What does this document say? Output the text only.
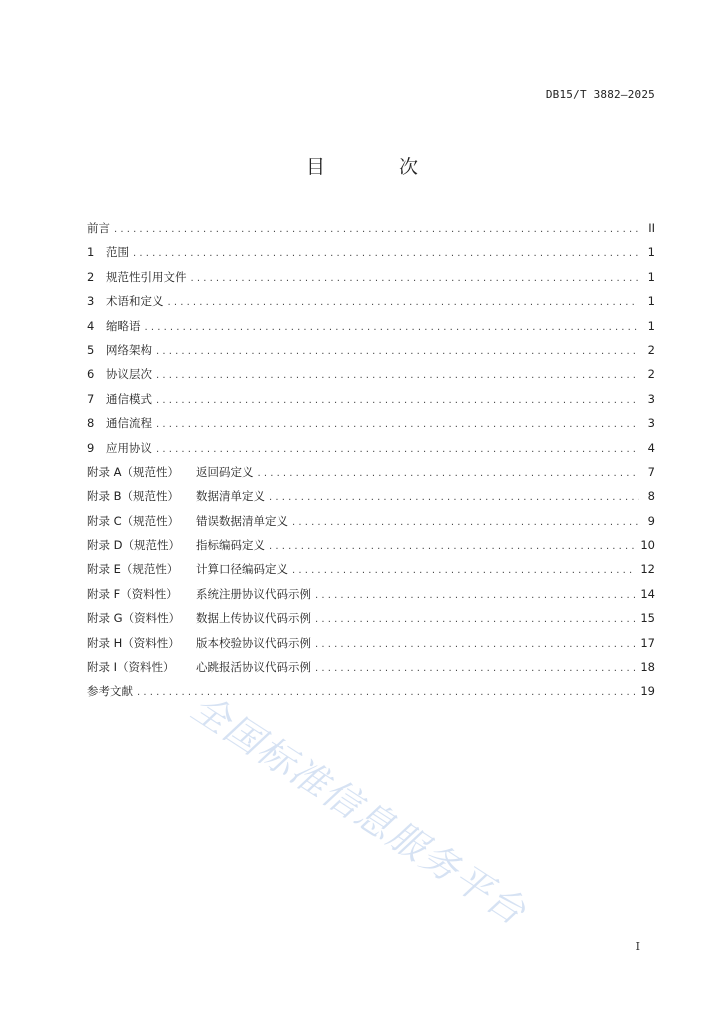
DB15/T 3882—2025
目 次
前言 . . .	II
1	范围 . . .	1
2	规范性引用文件 . . .	1
3	术语和定义 . . .	1
4	缩略语 . . .	1
5	网络架构 . . .	2
6	协议层次 . . .	2
7	通信模式 . . .	3
8	通信流程 . . .	3
9	应用协议 . . .	4
附录 A（规范性）	返回码定义 . . .	7
附录 B（规范性）	数据清单定义 . . .	8
附录 C（规范性）	错误数据清单定义 . . .	9
附录 D（规范性）	指标编码定义 . . .	10
附录 E（规范性）	计算口径编码定义 . . .	12
附录 F（资料性）	系统注册协议代码示例 . . .	14
附录 G（资料性）	数据上传协议代码示例 . . .	15
附录 H（资料性）	版本校验协议代码示例 . . .	17
附录 I（资料性）	心跳报活协议代码示例 . . .	18
参考文献 . . .	19
I
全国标准信息服务平台
